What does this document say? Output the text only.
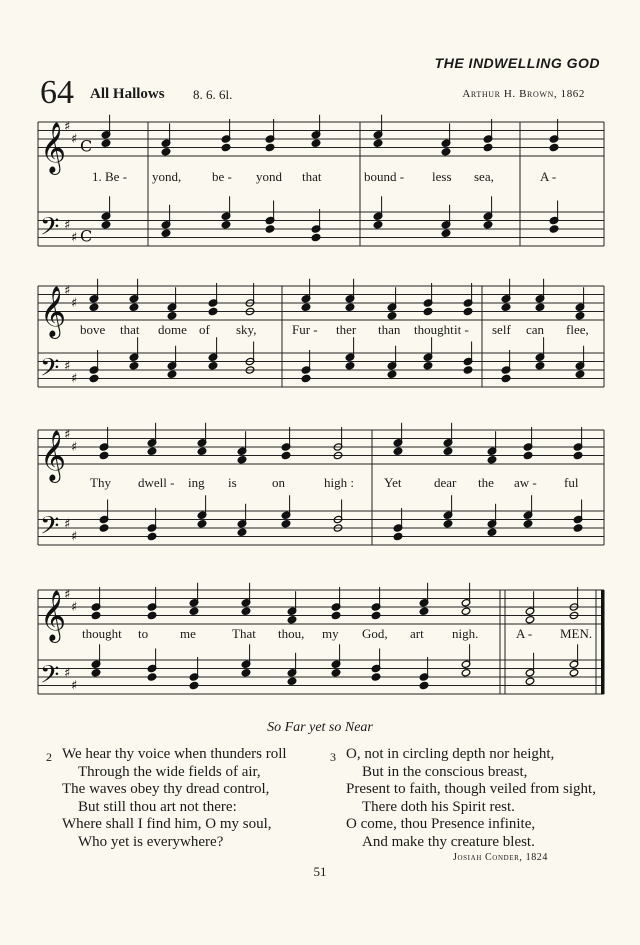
THE INDWELLING GOD
64 All Hallows 8. 6. 6l.	Arthur H. Brown, 1862
𝄞
♯
♯ C
𝄢 ♯
♯ C
𝄞
♯
♯
𝄢 ♯
♯
𝄞
♯
♯
𝄢 ♯
♯
𝄞
♯
♯
𝄢 ♯
♯
1. Be - yond, be - yond that	bound - less sea,	A -
bove that dome of sky,	Fur - ther than thought it - self can flee,
Thy dwell - ing is	on	high : Yet	dear the aw - ful
thought to me	That thou, my God, art nigh.	A - MEN.
So Far yet so Near
2 We hear thy voice when thunders roll
Through the wide fields of air,
The waves obey thy dread control,
But still thou art not there:
Where shall I find him, O my soul,
Who yet is everywhere?
3 O, not in circling depth nor height,
But in the conscious breast,
Present to faith, though veiled from sight,
There doth his Spirit rest.
O come, thou Presence infinite,
And make thy creature blest.
Josiah Conder, 1824
51
